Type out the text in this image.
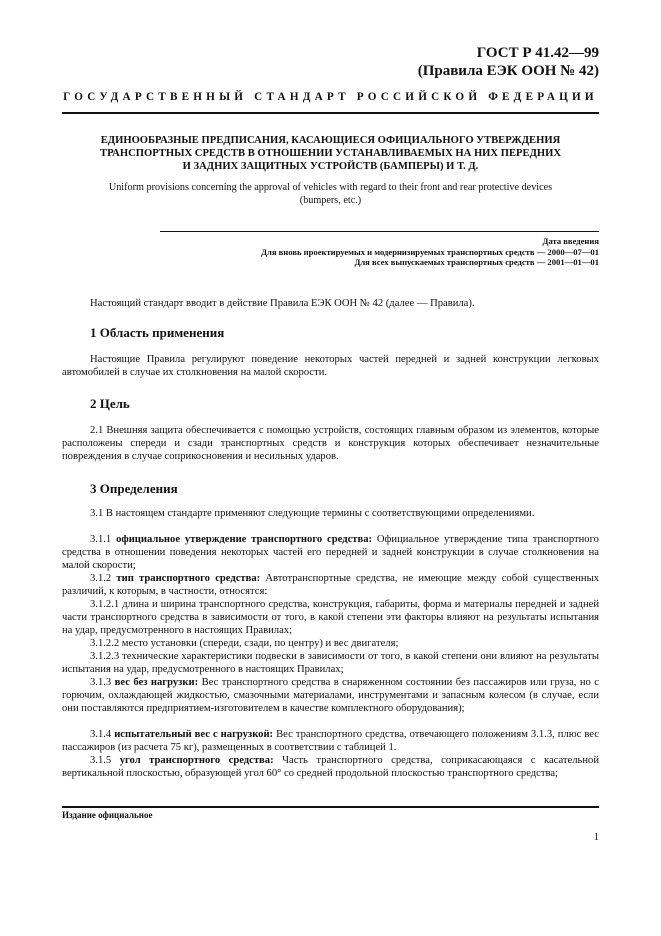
ГОСТ Р 41.42—99
(Правила ЕЭК ООН № 42)
ГОСУДАРСТВЕННЫЙ СТАНДАРТ РОССИЙСКОЙ ФЕДЕРАЦИИ
ЕДИНООБРАЗНЫЕ ПРЕДПИСАНИЯ, КАСАЮЩИЕСЯ ОФИЦИАЛЬНОГО УТВЕРЖДЕНИЯ
ТРАНСПОРТНЫХ СРЕДСТВ В ОТНОШЕНИИ УСТАНАВЛИВАЕМЫХ НА НИХ ПЕРЕДНИХ
И ЗАДНИХ ЗАЩИТНЫХ УСТРОЙСТВ (БАМПЕРЫ) И Т. Д.
Uniform provisions concerning the approval of vehicles with regard to their front and rear protective devices
(bumpers, etc.)
Дата введения
Для вновь проектируемых и модернизируемых транспортных средств — 2000—07—01
Для всех выпускаемых транспортных средств — 2001—01—01

Настоящий стандарт вводит в действие Правила ЕЭК ООН № 42 (далее — Правила).

1 Область применения

Настоящие Правила регулируют поведение некоторых частей передней и задней конструкции легковых автомобилей в случае их столкновения на малой скорости.

2 Цель

2.1 Внешняя защита обеспечивается с помощью устройств, состоящих главным образом из элементов, которые расположены спереди и сзади транспортных средств и конструкция которых обеспечивает незначительные повреждения в случае соприкосновения и несильных ударов.

3 Определения

3.1 В настоящем стандарте применяют следующие термины с соответствующими определениями.

3.1.1 официальное утверждение транспортного средства: Официальное утверждение типа транспортного средства в отношении поведения некоторых частей его передней и задней конструкции в случае столкновения на малой скорости;

3.1.2 тип транспортного средства: Автотранспортные средства, не имеющие между собой существенных различий, к которым, в частности, относятся:

3.1.2.1 длина и ширина транспортного средства, конструкция, габариты, форма и материалы передней и задней части транспортного средства в зависимости от того, в какой степени эти факторы влияют на результаты испытания на удар, предусмотренного в настоящих Правилах;

3.1.2.2 место установки (спереди, сзади, по центру) и вес двигателя;

3.1.2.3 технические характеристики подвески в зависимости от того, в какой степени они влияют на результаты испытания на удар, предусмотренного в настоящих Правилах;

3.1.3 вес без нагрузки: Вес транспортного средства в снаряженном состоянии без пассажиров или груза, но с горючим, охлаждающей жидкостью, смазочными материалами, инструментами и запасным колесом (в случае, если они поставляются предприятием-изготовителем в качестве комплектного оборудования);

3.1.4 испытательный вес с нагрузкой: Вес транспортного средства, отвечающего положениям 3.1.3, плюс вес пассажиров (из расчета 75 кг), размещенных в соответствии с таблицей 1.

3.1.5 угол транспортного средства: Часть транспортного средства, соприкасающаяся с касательной вертикальной плоскостью, образующей угол 60° со средней продольной плоскостью транспортного средства;

Издание официальное
1
